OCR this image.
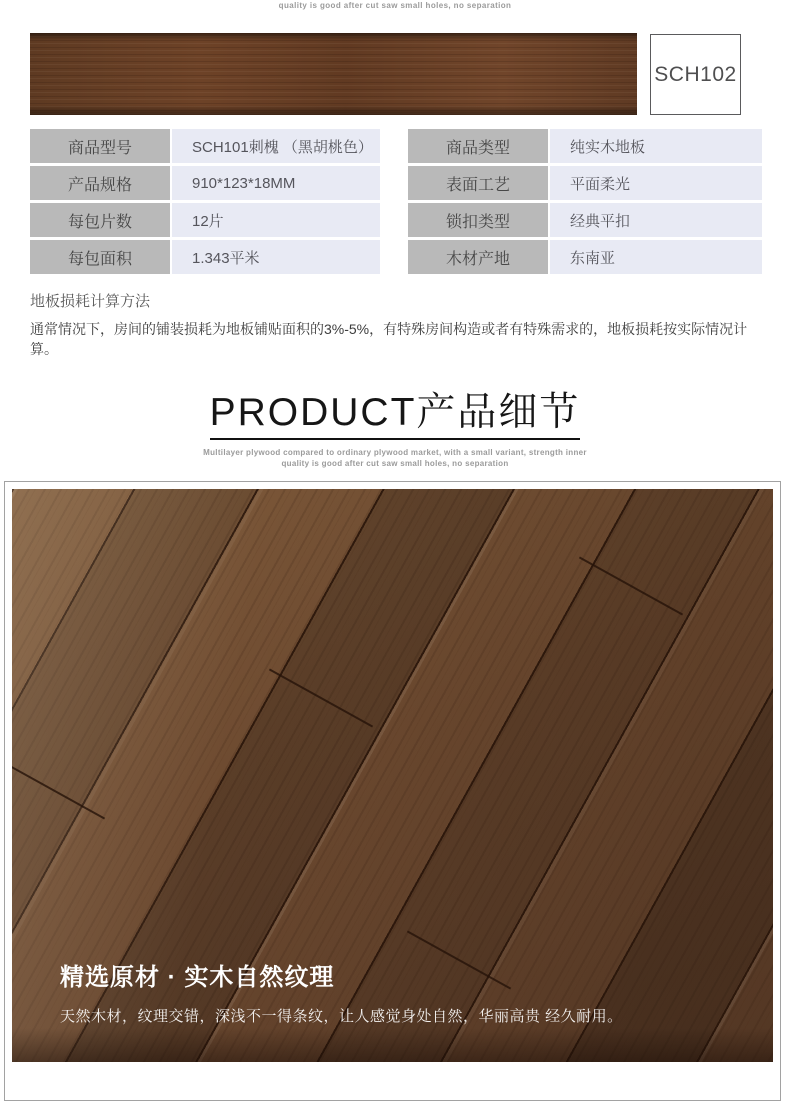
quality is good after cut saw small holes, no separation
SCH102
商品型号	SCH101刺槐 （黑胡桃色）
产品规格	910*123*18MM
每包片数	12片
每包面积	1.343平米
商品类型	纯实木地板
表面工艺	平面柔光
锁扣类型	经典平扣
木材产地	东南亚
地板损耗计算方法

通常情况下，房间的铺装损耗为地板铺贴面积的3%-5%，有特殊房间构造或者有特殊需求的，地板损耗按实际情况计算。

PRODUCT产品细节
Multilayer plywood compared to ordinary plywood market, with a small variant, strength inner
quality is good after cut saw small holes, no separation
精选原材 · 实木自然纹理

天然木材，纹理交错，深浅不一得条纹，让人感觉身处自然，华丽高贵 经久耐用。
